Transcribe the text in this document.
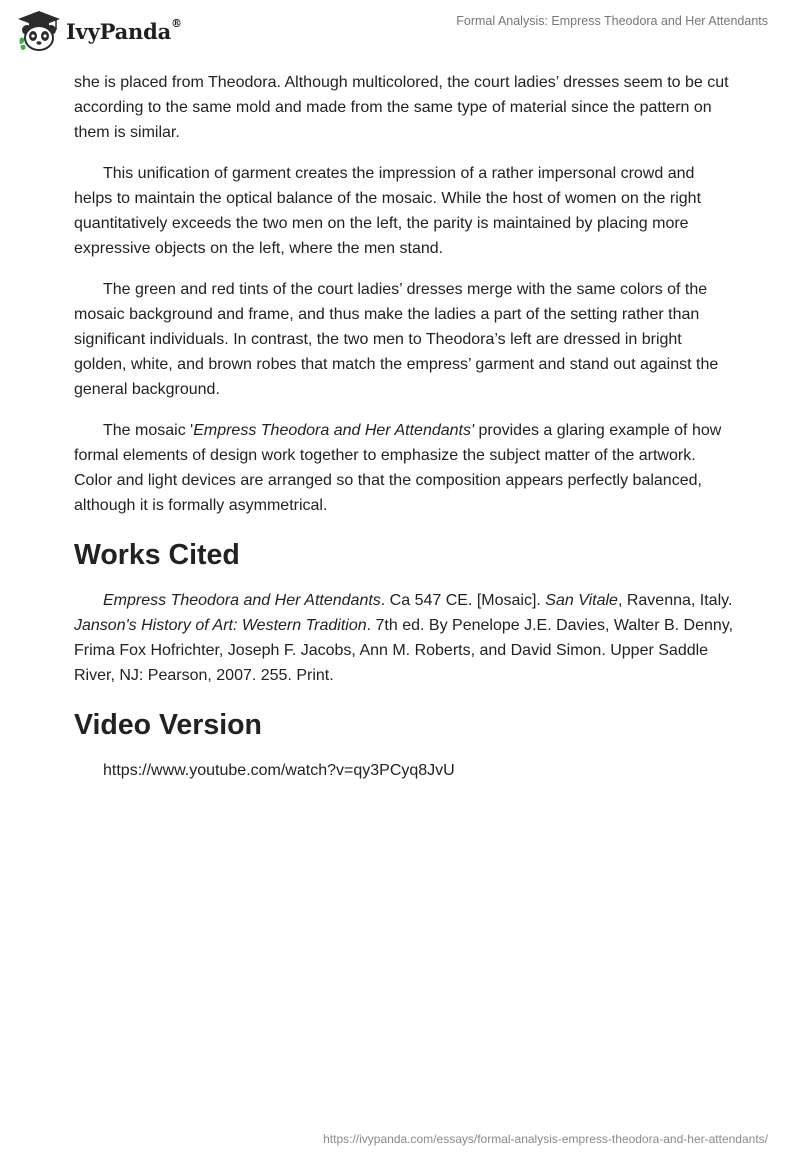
IvyPanda®	Formal Analysis: Empress Theodora and Her Attendants

she is placed from Theodora. Although multicolored, the court ladies’ dresses seem to be cut according to the same mold and made from the same type of material since the pattern on them is similar.

This unification of garment creates the impression of a rather impersonal crowd and helps to maintain the optical balance of the mosaic. While the host of women on the right quantitatively exceeds the two men on the left, the parity is maintained by placing more expressive objects on the left, where the men stand.

The green and red tints of the court ladies’ dresses merge with the same colors of the mosaic background and frame, and thus make the ladies a part of the setting rather than significant individuals. In contrast, the two men to Theodora’s left are dressed in bright golden, white, and brown robes that match the empress’ garment and stand out against the general background.

The mosaic 'Empress Theodora and Her Attendants' provides a glaring example of how formal elements of design work together to emphasize the subject matter of the artwork. Color and light devices are arranged so that the composition appears perfectly balanced, although it is formally asymmetrical.

Works Cited

Empress Theodora and Her Attendants. Ca 547 CE. [Mosaic]. San Vitale, Ravenna, Italy. Janson's History of Art: Western Tradition. 7th ed. By Penelope J.E. Davies, Walter B. Denny, Frima Fox Hofrichter, Joseph F. Jacobs, Ann M. Roberts, and David Simon. Upper Saddle River, NJ: Pearson, 2007. 255. Print.

Video Version

https://www.youtube.com/watch?v=qy3PCyq8JvU

https://ivypanda.com/essays/formal-analysis-empress-theodora-and-her-attendants/
